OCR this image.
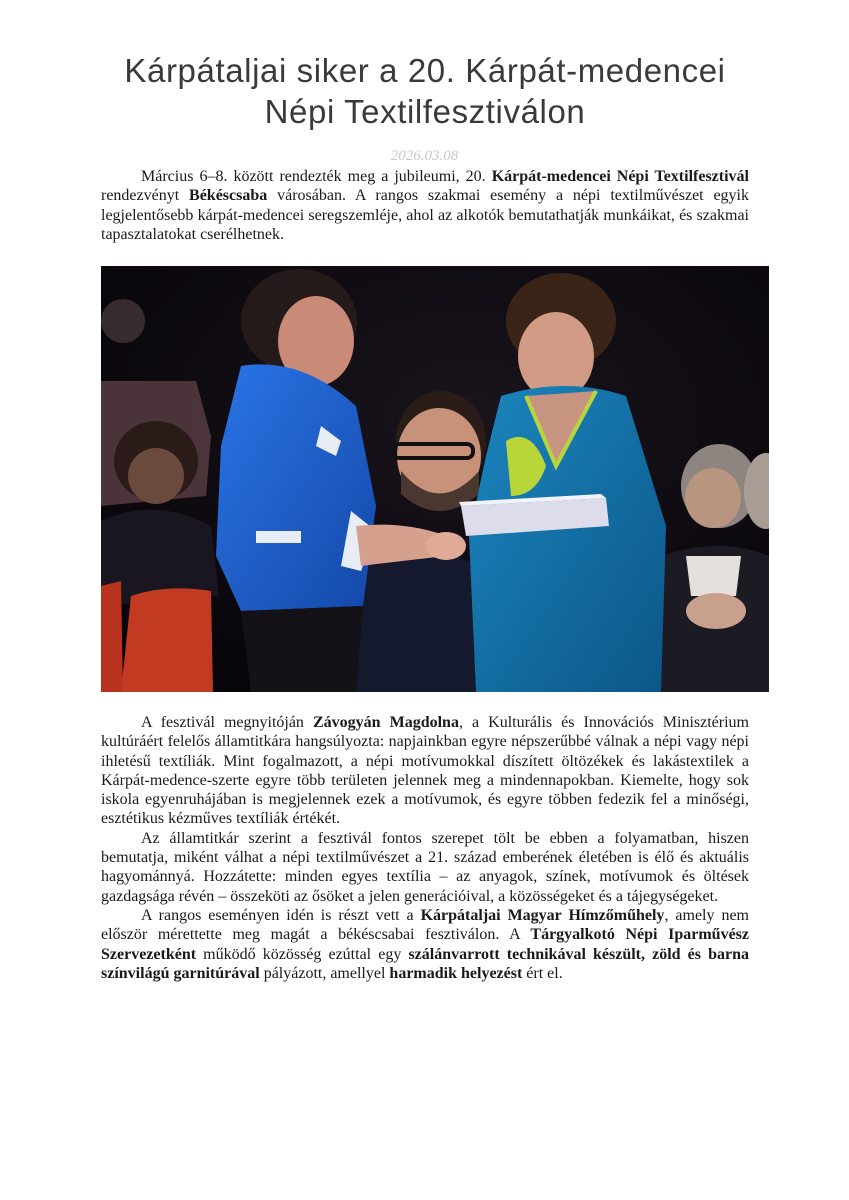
Kárpátaljai siker a 20. Kárpát-medencei Népi Textilfesztiválon
2026.03.08

Március 6–8. között rendezték meg a jubileumi, 20. Kárpát-medencei Népi Textilfesztivál rendezvényt Békéscsaba városában. A rangos szakmai esemény a népi textilművészet egyik legjelentősebb kárpát-medencei seregszemléje, ahol az alkotók bemutathatják munkáikat, és szakmai tapasztalatokat cserélhetnek.

A fesztivál megnyitóján Závogyán Magdolna, a Kulturális és Innovációs Minisztérium kultúráért felelős államtitkára hangsúlyozta: napjainkban egyre népszerűbbé válnak a népi vagy népi ihletésű textíliák. Mint fogalmazott, a népi motívumokkal díszített öltözékek és lakástextilek a Kárpát-medence-szerte egyre több területen jelennek meg a mindennapokban. Kiemelte, hogy sok iskola egyenruhájában is megjelennek ezek a motívumok, és egyre többen fedezik fel a minőségi, esztétikus kézműves textíliák értékét.

Az államtitkár szerint a fesztivál fontos szerepet tölt be ebben a folyamatban, hiszen bemutatja, miként válhat a népi textilművészet a 21. század emberének életében is élő és aktuális hagyománnyá. Hozzátette: minden egyes textília – az anyagok, színek, motívumok és öltések gazdagsága révén – összeköti az ősöket a jelen generációival, a közösségeket és a tájegységeket.

A rangos eseményen idén is részt vett a Kárpátaljai Magyar Hímzőműhely, amely nem először mérettette meg magát a békéscsabai fesztiválon. A Tárgyalkotó Népi Iparművész Szervezetként működő közösség ezúttal egy szálánvarrott technikával készült, zöld és barna színvilágú garnitúrával pályázott, amellyel harmadik helyezést ért el.
